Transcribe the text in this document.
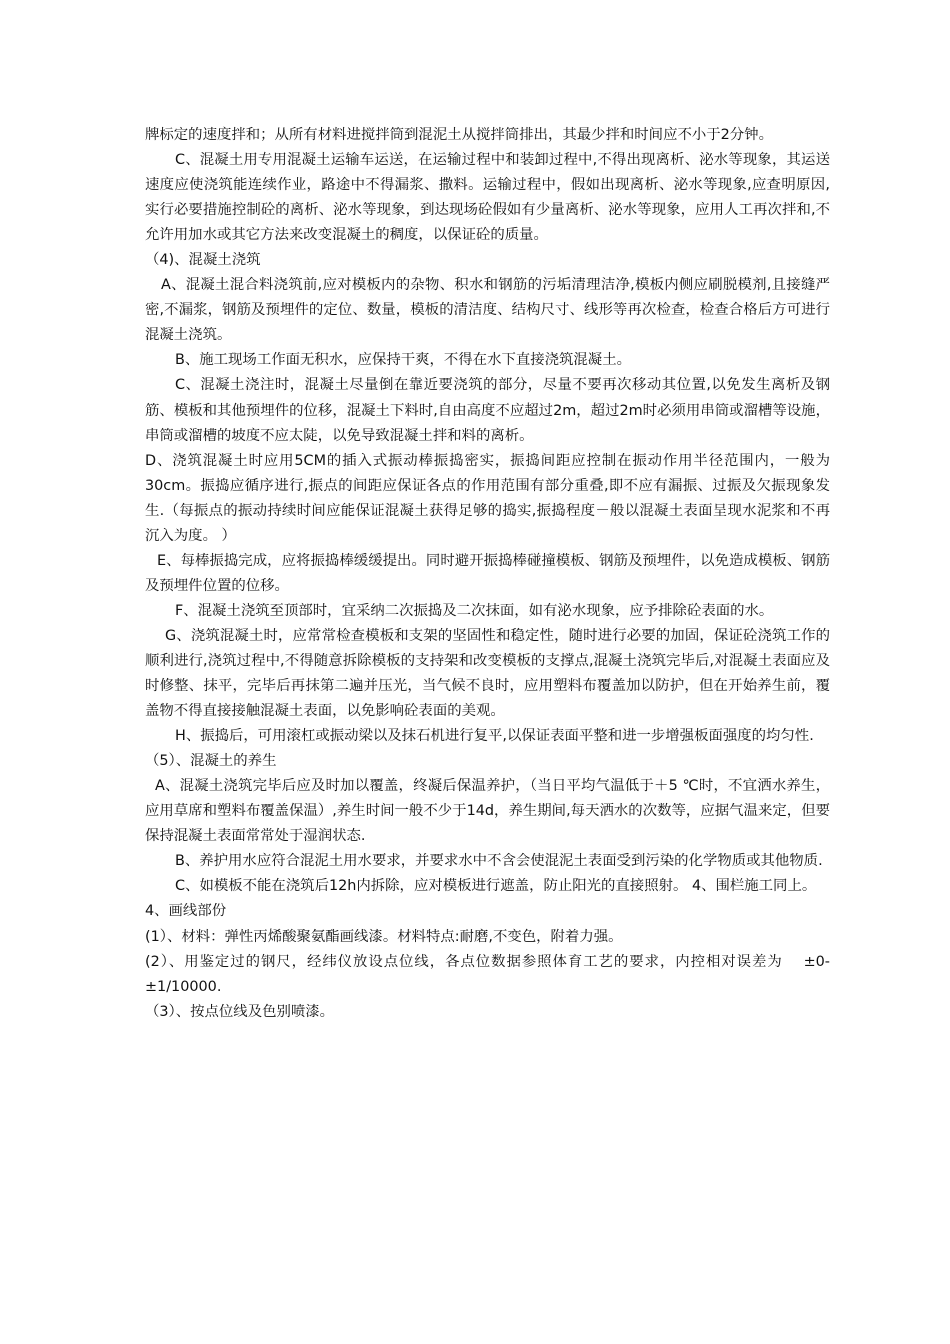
牌标定的速度拌和；从所有材料进搅拌筒到混泥土从搅拌筒排出，其最少拌和时间应不小于2分钟。

C、混凝土用专用混凝土运输车运送，在运输过程中和装卸过程中,不得出现离析、泌水等现象，其运送速度应使浇筑能连续作业，路途中不得漏浆、撒料。运输过程中，假如出现离析、泌水等现象,应查明原因,实行必要措施控制砼的离析、泌水等现象，到达现场砼假如有少量离析、泌水等现象，应用人工再次拌和,不允许用加水或其它方法来改变混凝土的稠度，以保证砼的质量。

（4)、混凝土浇筑

A、混凝土混合料浇筑前,应对模板内的杂物、积水和钢筋的污垢清理洁净,模板内侧应刷脱模剂,且接缝严密,不漏浆，钢筋及预埋件的定位、数量，模板的清洁度、结构尺寸、线形等再次检查，检查合格后方可进行混凝土浇筑。

B、施工现场工作面无积水，应保持干爽，不得在水下直接浇筑混凝土。

C、混凝土浇注时，混凝土尽量倒在靠近要浇筑的部分，尽量不要再次移动其位置,以免发生离析及钢筋、模板和其他预埋件的位移，混凝土下料时,自由高度不应超过2m，超过2m时必须用串筒或溜槽等设施，串筒或溜槽的坡度不应太陡，以免导致混凝土拌和料的离析。

D、浇筑混凝土时应用5CM的插入式振动棒振捣密实，振捣间距应控制在振动作用半径范围内，一般为30cm。振捣应循序进行,振点的间距应保证各点的作用范围有部分重叠,即不应有漏振、过振及欠振现象发生.（每振点的振动持续时间应能保证混凝土获得足够的捣实,振捣程度－般以混凝土表面呈现水泥浆和不再沉入为度。 ）

E、每棒振捣完成，应将振捣棒缓缓提出。同时避开振捣棒碰撞模板、钢筋及预埋件，以免造成模板、钢筋及预埋件位置的位移。

F、混凝土浇筑至顶部时，宜采纳二次振捣及二次抹面，如有泌水现象，应予排除砼表面的水。

G、浇筑混凝土时，应常常检查模板和支架的坚固性和稳定性，随时进行必要的加固，保证砼浇筑工作的顺利进行,浇筑过程中,不得随意拆除模板的支持架和改变模板的支撑点,混凝土浇筑完毕后,对混凝土表面应及时修整、抹平，完毕后再抹第二遍并压光，当气候不良时，应用塑料布覆盖加以防护，但在开始养生前，覆盖物不得直接接触混凝土表面，以免影响砼表面的美观。

H、振捣后，可用滚杠或振动梁以及抹石机进行复平,以保证表面平整和进一步增强板面强度的均匀性.

（5）、混凝土的养生

A、混凝土浇筑完毕后应及时加以覆盖，终凝后保温养护，（当日平均气温低于＋5 ℃时，不宜洒水养生，应用草席和塑料布覆盖保温）,养生时间一般不少于14d，养生期间,每天洒水的次数等，应据气温来定，但要保持混凝土表面常常处于湿润状态.

B、养护用水应符合混泥土用水要求，并要求水中不含会使混泥土表面受到污染的化学物质或其他物质.

C、如模板不能在浇筑后12h内拆除，应对模板进行遮盖，防止阳光的直接照射。 4、围栏施工同上。

4、画线部份

(1）、材料：弹性丙烯酸聚氨酯画线漆。材料特点:耐磨,不变色，附着力强。

(2）、用鉴定过的钢尺，经纬仪放设点位线，各点位数据参照体育工艺的要求，内控相对误差为　 ±0-±1/10000.

（3）、按点位线及色别喷漆。
